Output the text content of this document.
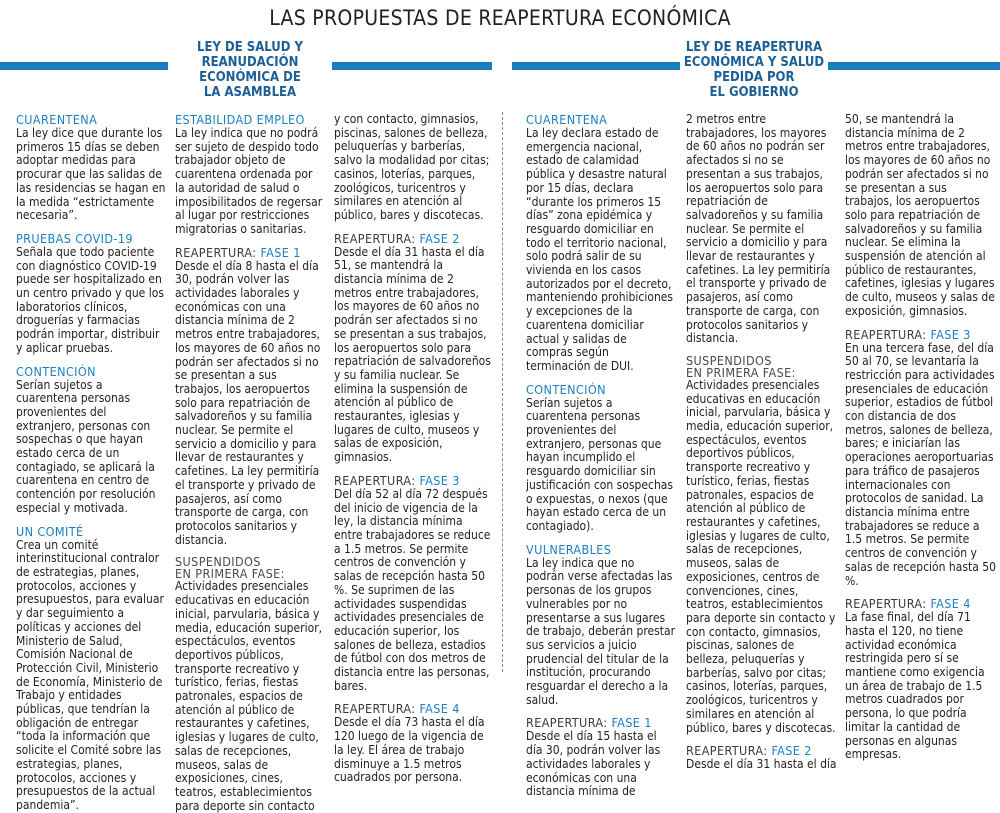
LAS PROPUESTAS DE REAPERTURA ECONÓMICA
LEY DE SALUD Y
REANUDACIÓN
ECONÓMICA DE
LA ASAMBLEA
LEY DE REAPERTURA
ECONÓMICA Y SALUD
PEDIDA POR
EL GOBIERNO
CUARENTENA

La ley dice que durante los primeros 15 días se deben adoptar medidas para procurar que las salidas de las residencias se hagan en la medida “estrictamente necesaria”.

PRUEBAS COVID-19

Señala que todo paciente con diagnóstico COVID-19 puede ser hospitalizado en un centro privado y que los laboratorios clínicos, droguerías y farmacias podrán importar, distribuir y aplicar pruebas.

CONTENCIÓN

Serían sujetos a cuarentena personas provenientes del extranjero, personas con sospechas o que hayan estado cerca de un contagiado, se aplicará la cuarentena en centro de contención por resolución especial y motivada.

UN COMITÉ

Crea un comité interinstitucional contralor de estrategias, planes, protocolos, acciones y presupuestos, para evaluar y dar seguimiento a políticas y acciones del Ministerio de Salud, Comisión Nacional de Protección Civil, Ministerio de Economía, Ministerio de Trabajo y entidades públicas, que tendrían la obligación de entregar “toda la información que solicite el Comité sobre las estrategias, planes, protocolos, acciones y presupuestos de la actual pandemia”.

ESTABILIDAD EMPLEO

La ley indica que no podrá ser sujeto de despido todo trabajador objeto de cuarentena ordenada por la autoridad de salud o imposibilitados de regersar al lugar por restricciones migratorias o sanitarias.

REAPERTURA: FASE 1

Desde el día 8 hasta el día 30, podrán volver las actividades laborales y económicas con una distancia mínima de 2 metros entre trabajadores, los mayores de 60 años no podrán ser afectados si no se presentan a sus trabajos, los aeropuertos solo para repatriación de salvadoreños y su familia nuclear. Se permite el servicio a domicilio y para llevar de restaurantes y cafetines. La ley permitiría el transporte y privado de pasajeros, así como transporte de carga, con protocolos sanitarios y distancia.

SUSPENDIDOS
EN PRIMERA FASE:

Actividades presenciales educativas en educación inicial, parvularia, básica y media, educación superior, espectáculos, eventos deportivos públicos, transporte recreativo y turístico, ferias, fiestas patronales, espacios de atención al público de restaurantes y cafetines, iglesias y lugares de culto, salas de recepciones, museos, salas de exposiciones, cines, teatros, establecimientos para deporte sin contacto

y con contacto, gimnasios, piscinas, salones de belleza, peluquerías y barberías, salvo la modalidad por citas; casinos, loterías, parques, zoológicos, turicentros y similares en atención al público, bares y discotecas.

REAPERTURA: FASE 2

Desde el día 31 hasta el día 51, se mantendrá la distancia mínima de 2 metros entre trabajadores, los mayores de 60 años no podrán ser afectados si no se presentan a sus trabajos, los aeropuertos solo para repatriación de salvadoreños y su familia nuclear. Se elimina la suspensión de atención al público de restaurantes, iglesias y lugares de culto, museos y salas de exposición, gimnasios.

REAPERTURA: FASE 3

Del día 52 al día 72 después del inicio de vigencia de la ley, la distancia mínima entre trabajadores se reduce a 1.5 metros. Se permite centros de convención y salas de recepción hasta 50 %. Se suprimen de las actividades suspendidas actividades presenciales de educación superior, los salones de belleza, estadios de fútbol con dos metros de distancia entre las personas, bares.

REAPERTURA: FASE 4

Desde el día 73 hasta el día 120 luego de la vigencia de la ley. El área de trabajo disminuye a 1.5 metros cuadrados por persona.

CUARENTENA

La ley declara estado de emergencia nacional, estado de calamidad pública y desastre natural por 15 días, declara “durante los primeros 15 días” zona epidémica y resguardo domiciliar en todo el territorio nacional, solo podrá salir de su vivienda en los casos autorizados por el decreto, manteniendo prohibiciones y excepciones de la cuarentena domiciliar actual y salidas de compras según terminación de DUI.

CONTENCIÓN

Serían sujetos a cuarentena personas provenientes del extranjero, personas que hayan incumplido el resguardo domiciliar sin justificación con sospechas o expuestas, o nexos (que hayan estado cerca de un contagiado).

VULNERABLES

La ley indica que no podrán verse afectadas las personas de los grupos vulnerables por no presentarse a sus lugares de trabajo, deberán prestar sus servicios a juicio prudencial del titular de la institución, procurando resguardar el derecho a la salud.

REAPERTURA: FASE 1

Desde el día 15 hasta el día 30, podrán volver las actividades laborales y económicas con una distancia mínima de

2 metros entre trabajadores, los mayores de 60 años no podrán ser afectados si no se presentan a sus trabajos, los aeropuertos solo para repatriación de salvadoreños y su familia nuclear. Se permite el servicio a domicilio y para llevar de restaurantes y cafetines. La ley permitiría el transporte y privado de pasajeros, así como transporte de carga, con protocolos sanitarios y distancia.

SUSPENDIDOS
EN PRIMERA FASE:

Actividades presenciales educativas en educación inicial, parvularia, básica y media, educación superior, espectáculos, eventos deportivos públicos, transporte recreativo y turístico, ferias, fiestas patronales, espacios de atención al público de restaurantes y cafetines, iglesias y lugares de culto, salas de recepciones, museos, salas de exposiciones, centros de convenciones, cines, teatros, establecimientos para deporte sin contacto y con contacto, gimnasios, piscinas, salones de belleza, peluquerías y barberías, salvo por citas; casinos, loterías, parques, zoológicos, turicentros y similares en atención al público, bares y discotecas.

REAPERTURA: FASE 2

Desde el día 31 hasta el día

50, se mantendrá la distancia mínima de 2 metros entre trabajadores, los mayores de 60 años no podrán ser afectados si no se presentan a sus trabajos, los aeropuertos solo para repatriación de salvadoreños y su familia nuclear. Se elimina la suspensión de atención al público de restaurantes, cafetines, iglesias y lugares de culto, museos y salas de exposición, gimnasios.

REAPERTURA: FASE 3

En una tercera fase, del día 50 al 70, se levantaría la restricción para actividades presenciales de educación superior, estadios de fútbol con distancia de dos metros, salones de belleza, bares; e iniciarían las operaciones aeroportuarias para tráfico de pasajeros internacionales con protocolos de sanidad. La distancia mínima entre trabajadores se reduce a 1.5 metros. Se permite centros de convención y salas de recepción hasta 50 %.

REAPERTURA: FASE 4

La fase final, del día 71 hasta el 120, no tiene actividad económica restringida pero sí se mantiene como exigencia un área de trabajo de 1.5 metros cuadrados por persona, lo que podría limitar la cantidad de personas en algunas empresas.
